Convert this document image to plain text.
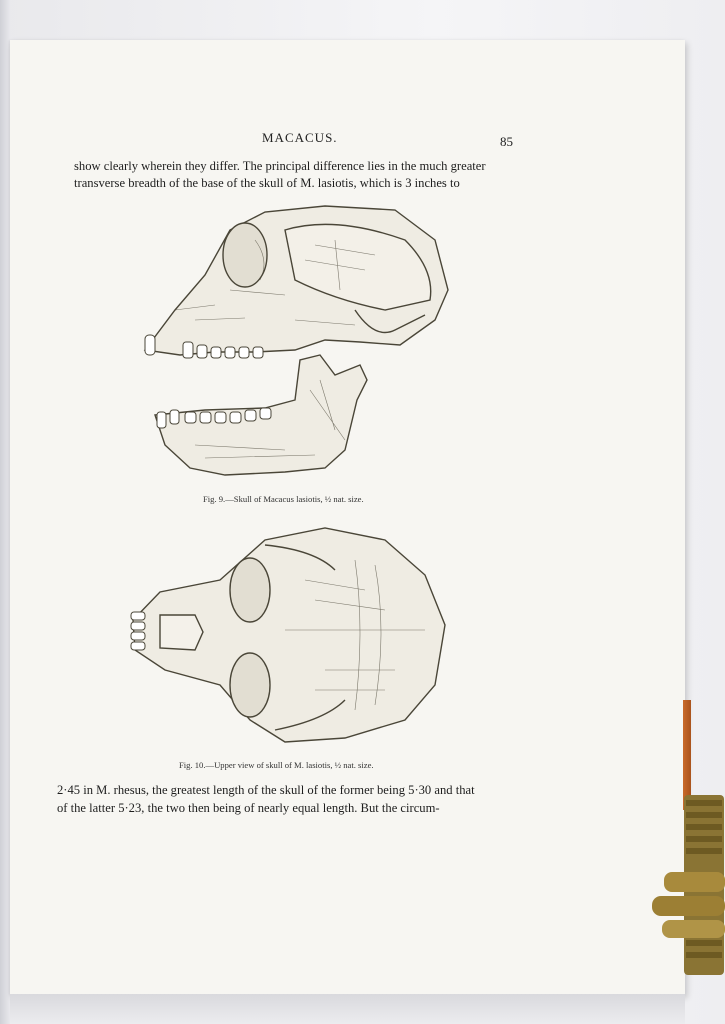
MACACUS.	85
show clearly wherein they differ. The principal difference lies in the much greater
transverse breadth of the base of the skull of M. lasiotis, which is 3 inches to
Fig. 9.—Skull of Macacus lasiotis, ½ nat. size.
Fig. 10.—Upper view of skull of M. lasiotis, ½ nat. size.
2·45 in M. rhesus, the greatest length of the skull of the former being 5·30 and that
of the latter 5·23, the two then being of nearly equal length. But the circum-
